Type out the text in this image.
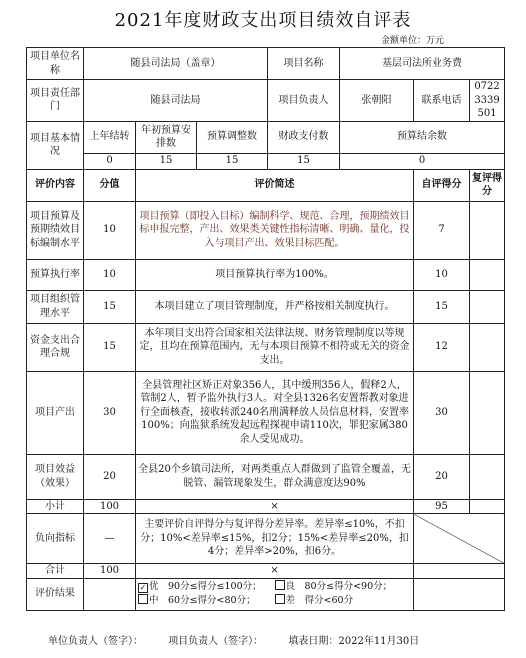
2021年度财政支出项目绩效自评表
金额单位：万元
项目单位名称	随县司法局（盖章）			项目名称	基层司法所业务费		
项目责任部门	随县司法局			项目负责人	张朝阳	联系电话	07223339501
项目基本情况	上年结转	年初预算安排数	预算调整数	财政支付数	预算结余数		
	0	15	15	15	0		
评价内容	分值	评价简述				自评得分	复评得分
项目预算及预期绩效目标编制水平	10	项目预算（即投入目标）编制科学、规范、合理，预期绩效目标申报完整，产出、效果类关键性指标清晰、明确、量化，投入与项目产出、效果目标匹配。				7	
预算执行率	10	项目预算执行率为100%。				10	
项目组织管理水平	15	本项目建立了项目管理制度，并严格按相关制度执行。				15	
资金支出合理合规	15	本年项目支出符合国家相关法律法规、财务管理制度以等规定，且均在预算范围内，无与本项目预算不相符或无关的资金支出。				12	
项目产出	30	全县管理社区矫正对象356人，其中缓刑356人，假释2人，管制2人，暂予监外执行3人。对全县1326名安置帮教对象进行全面核查，接收转派240名刑满释放人员信息材料，安置率100%；向监狱系统发起远程探视申请110次，罪犯家属380余人受见成功。				30	
项目效益（效果）	20	全县20个乡镇司法所，对两类重点人群做到了监管全覆盖，无脱管、漏管现象发生，群众满意度达90%				20	
小计	100	×				95	
负向指标	—	主要评价自评得分与复评得分差异率。差异率≤10%，不扣分；10%<差异率≤15%，扣2分；15%<差异率≤20%，扣4分；差异率>20%，扣6分。					
合计	100	×					
评价结果		✓ 优　90分≤得分≤100分； 良　80分≤得分<90分；
中　60分≤得分<80分； 差　得分<60分					
单位负责人（签字）：	项目负责人（签字）：	填表日期：2022年11月30日
